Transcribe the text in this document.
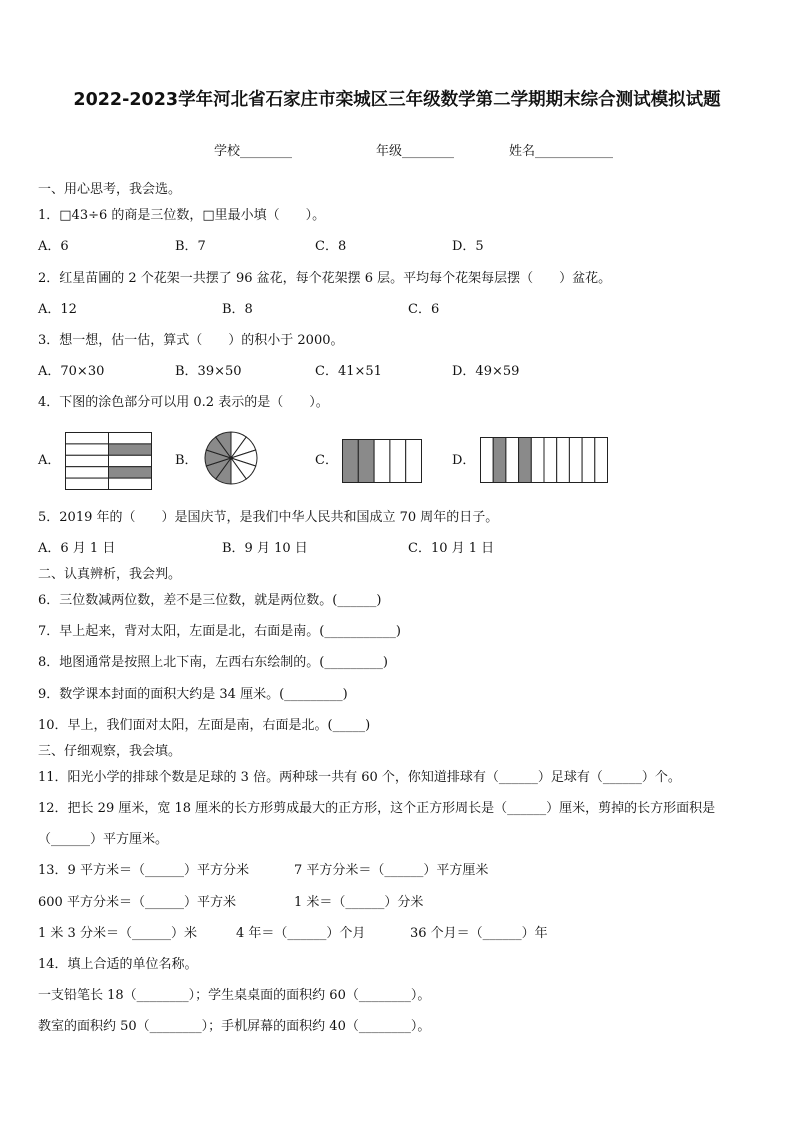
2022-2023学年河北省石家庄市栾城区三年级数学第二学期期末综合测试模拟试题
学校________	年级________	姓名____________
一、用心思考，我会选。
1．□43÷6 的商是三位数，□里最小填（　　）。
A．6	B．7	C．8	D．5
2．红星苗圃的 2 个花架一共摆了 96 盆花，每个花架摆 6 层。平均每个花架每层摆（　　）盆花。
A．12	B．8	C．6
3．想一想，估一估，算式（　　）的积小于 2000。
A．70×30	B．39×50	C．41×51	D．49×59
4．下图的涂色部分可以用 0.2 表示的是（　　）。
A．	B．	C．	D．
5．2019 年的（　　）是国庆节，是我们中华人民共和国成立 70 周年的日子。
A．6 月 1 日	B．9 月 10 日	C．10 月 1 日
二、认真辨析，我会判。
6．三位数减两位数，差不是三位数，就是两位数。(______)
7．早上起来，背对太阳，左面是北，右面是南。(___________)
8．地图通常是按照上北下南，左西右东绘制的。(_________)
9．数学课本封面的面积大约是 34 厘米。(_________)
10．早上，我们面对太阳，左面是南，右面是北。(_____)
三、仔细观察，我会填。
11．阳光小学的排球个数是足球的 3 倍。两种球一共有 60 个，你知道排球有（______）足球有（______）个。
12．把长 29 厘米，宽 18 厘米的长方形剪成最大的正方形，这个正方形周长是（______）厘米，剪掉的长方形面积是
（______）平方厘米。
13．9 平方米＝（______）平方分米	7 平方分米＝（______）平方厘米
600 平方分米＝（______）平方米	1 米＝（______）分米
1 米 3 分米＝（______）米	4 年＝（______）个月	36 个月＝（______）年
14．填上合适的单位名称。
一支铅笔长 18（________）；学生桌桌面的面积约 60（________）。
教室的面积约 50（________）；手机屏幕的面积约 40（________）。
